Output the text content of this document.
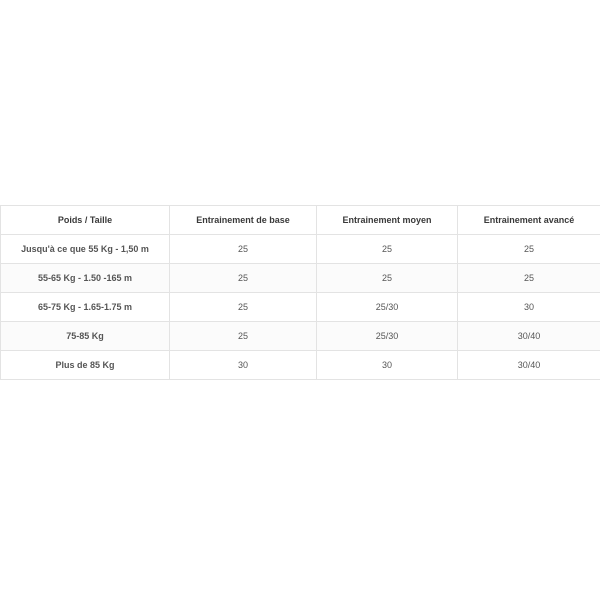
Poids / Taille	Entrainement de base	Entrainement moyen	Entrainement avancé
Jusqu'à ce que 55 Kg - 1,50 m	25	25	25
55-65 Kg - 1.50 -165 m	25	25	25
65-75 Kg - 1.65-1.75 m	25	25/30	30
75-85 Kg	25	25/30	30/40
Plus de 85 Kg	30	30	30/40
